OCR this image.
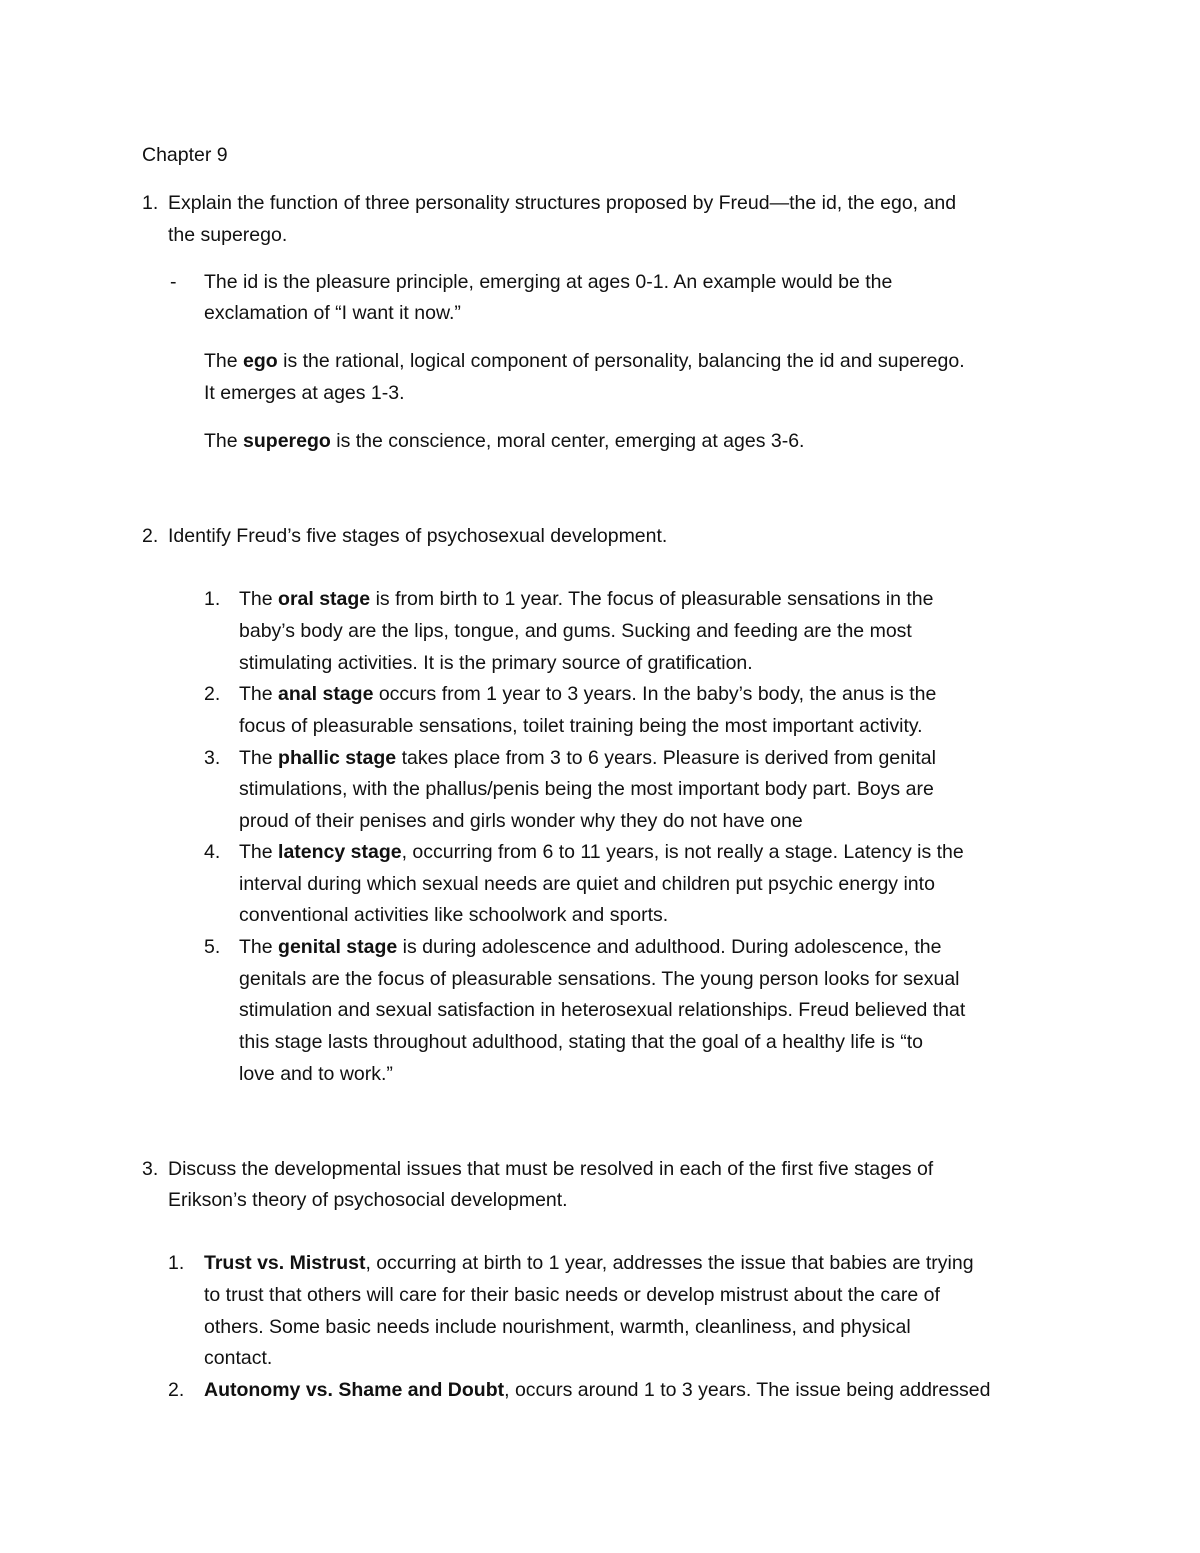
Chapter 9

1. Explain the function of three personality structures proposed by Freud—the id, the ego, and

the superego.

- The id is the pleasure principle, emerging at ages 0-1. An example would be the

exclamation of “I want it now.”

The ego is the rational, logical component of personality, balancing the id and superego.

It emerges at ages 1-3.

The superego is the conscience, moral center, emerging at ages 3-6.

2. Identify Freud’s five stages of psychosexual development.

1. The oral stage is from birth to 1 year. The focus of pleasurable sensations in the

baby’s body are the lips, tongue, and gums. Sucking and feeding are the most

stimulating activities. It is the primary source of gratification.

2. The anal stage occurs from 1 year to 3 years. In the baby’s body, the anus is the

focus of pleasurable sensations, toilet training being the most important activity.

3. The phallic stage takes place from 3 to 6 years. Pleasure is derived from genital

stimulations, with the phallus/penis being the most important body part. Boys are

proud of their penises and girls wonder why they do not have one

4. The latency stage, occurring from 6 to 11 years, is not really a stage. Latency is the

interval during which sexual needs are quiet and children put psychic energy into

conventional activities like schoolwork and sports.

5. The genital stage is during adolescence and adulthood. During adolescence, the

genitals are the focus of pleasurable sensations. The young person looks for sexual

stimulation and sexual satisfaction in heterosexual relationships. Freud believed that

this stage lasts throughout adulthood, stating that the goal of a healthy life is “to

love and to work.”

3. Discuss the developmental issues that must be resolved in each of the first five stages of

Erikson’s theory of psychosocial development.

1. Trust vs. Mistrust, occurring at birth to 1 year, addresses the issue that babies are trying

to trust that others will care for their basic needs or develop mistrust about the care of

others. Some basic needs include nourishment, warmth, cleanliness, and physical

contact.

2. Autonomy vs. Shame and Doubt, occurs around 1 to 3 years. The issue being addressed
